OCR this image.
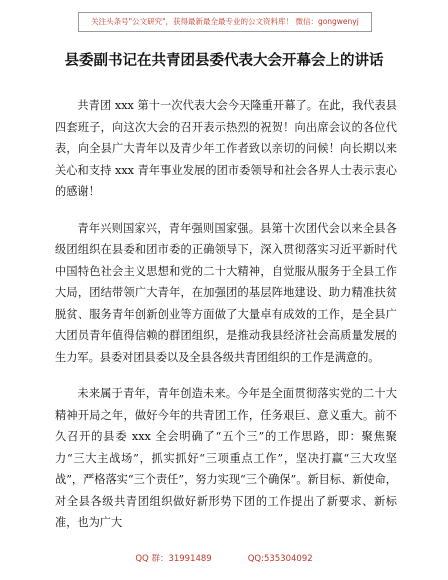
关注头条号"公文研究"，获得最新最全最专业的公文资料库！ 微信：gongwenyj
县委副书记在共青团县委代表大会开幕会上的讲话

共青团 xxx 第十一次代表大会今天隆重开幕了。在此，我代表县四套班子，向这次大会的召开表示热烈的祝贺！向出席会议的各位代表，向全县广大青年以及青少年工作者致以亲切的问候！向长期以来关心和支持 xxx 青年事业发展的团市委领导和社会各界人士表示衷心的感谢！

青年兴则国家兴，青年强则国家强。县第十次团代会以来全县各级团组织在县委和团市委的正确领导下，深入贯彻落实习近平新时代中国特色社会主义思想和党的二十大精神，自觉服从服务于全县工作大局，团结带领广大青年，在加强团的基层阵地建设、助力精准扶贫脱贫、服务青年创新创业等方面做了大量卓有成效的工作，是全县广大团员青年值得信赖的群团组织，是推动我县经济社会高质量发展的生力军。县委对团县委以及全县各级共青团组织的工作是满意的。

未来属于青年，青年创造未来。今年是全面贯彻落实党的二十大精神开局之年，做好今年的共青团工作，任务艰巨、意义重大。前不久召开的县委 xxx 全会明确了“五个三”的工作思路，即：聚焦聚力“三大主战场”，抓实抓好“三项重点工作”，坚决打赢“三大攻坚战”，严格落实“三个责任”，努力实现“三个确保”。新目标、新使命，对全县各级共青团组织做好新形势下团的工作提出了新要求、新标准，也为广大

QQ 群：31991489	QQ:535304092
